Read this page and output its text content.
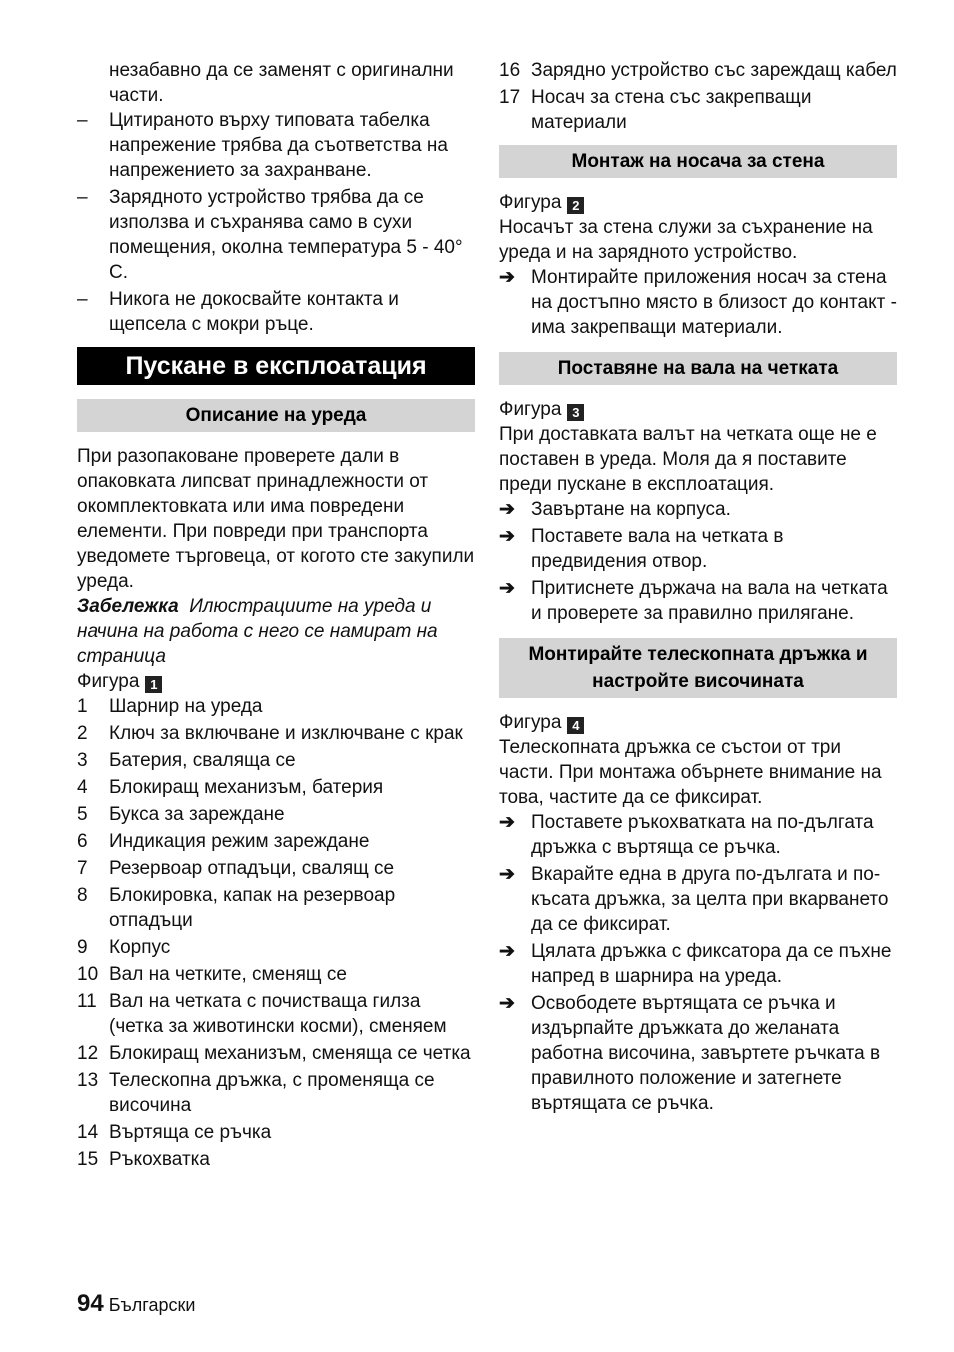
незабавно да се заменят с оригинални части.

– Цитираното върху типовата табелка напрежение трябва да съответства на напрежението за захранване.
– Зарядното устройство трябва да се използва и съхранява само в сухи помещения, околна температура 5 - 40° C.
– Никога не докосвайте контакта и щепсела с мокри ръце.
Пускане в експлоатация
Описание на уреда

При разопаковане проверете дали в опаковката липсват принадлежности от окомплектовката или има повредени елементи. При повреди при транспорта уведомете търговеца, от когото сте закупили уреда.

Забележка Илюстрациите на уреда и начина на работа с него се намират на страница

Фигура 1

1 Шарнир на уреда
2 Ключ за включване и изключване с крак
3 Батерия, сваляща се
4 Блокиращ механизъм, батерия
5 Букса за зареждане
6 Индикация режим зареждане
7 Резервоар отпадъци, свалящ се
8 Блокировка, капак на резервоар отпадъци
9 Корпус
10 Вал на четките, сменящ се
11 Вал на четката с почистваща гилза (четка за животински косми), сменяем
12 Блокиращ механизъм, сменяща се четка
13 Телескопна дръжка, с променяща се височина
14 Въртяща се ръчка
15 Ръкохватка
16 Зарядно устройство със зареждащ кабел
17 Носач за стена със закрепващи материали
Монтаж на носача за стена

Фигура 2

Носачът за стена служи за съхранение на уреда и на зарядното устройство.

➔ Монтирайте приложения носач за стена на достъпно място в близост до контакт - има закрепващи материали.
Поставяне на вала на четката

Фигура 3

При доставката валът на четката още не е поставен в уреда. Моля да я поставите преди пускане в експлоатация.

➔ Завъртане на корпуса.
➔ Поставете вала на четката в предвидения отвор.
➔ Притиснете държача на вала на четката и проверете за правилно прилягане.
Монтирайте телескопната дръжка и настройте височината

Фигура 4

Телескопната дръжка се състои от три части. При монтажа обърнете внимание на това, частите да се фиксират.

➔ Поставете ръкохватката на по-дългата дръжка с въртяща се ръчка.
➔ Вкарайте една в друга по-дългата и по-късата дръжка, за целта при вкарването да се фиксират.
➔ Цялата дръжка с фиксатора да се пъхне напред в шарнира на уреда.
➔ Освободете въртящата се ръчка и издърпайте дръжката до желаната работна височина, завъртете ръчката в правилното положение и затегнете въртящата се ръчка.
94 Български
